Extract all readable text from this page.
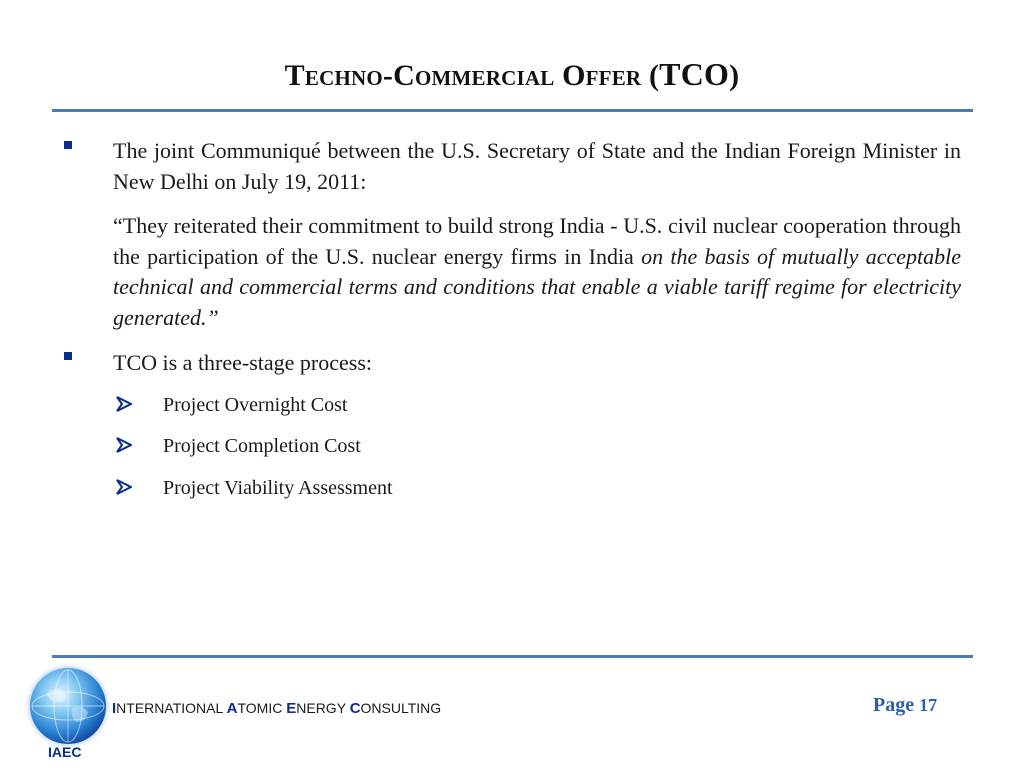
Techno-Commercial Offer (TCO)
The joint Communiqué between the U.S. Secretary of State and the Indian Foreign Minister in New Delhi on July 19, 2011:
“They reiterated their commitment to build strong India - U.S. civil nuclear cooperation through the participation of the U.S. nuclear energy firms in India on the basis of mutually acceptable technical and commercial terms and conditions that enable a viable tariff regime for electricity generated.”
TCO is a three-stage process:
Project Overnight Cost
Project Completion Cost
Project Viability Assessment
IAEC
INTERNATIONAL ATOMIC ENERGY CONSULTING	Page 17
